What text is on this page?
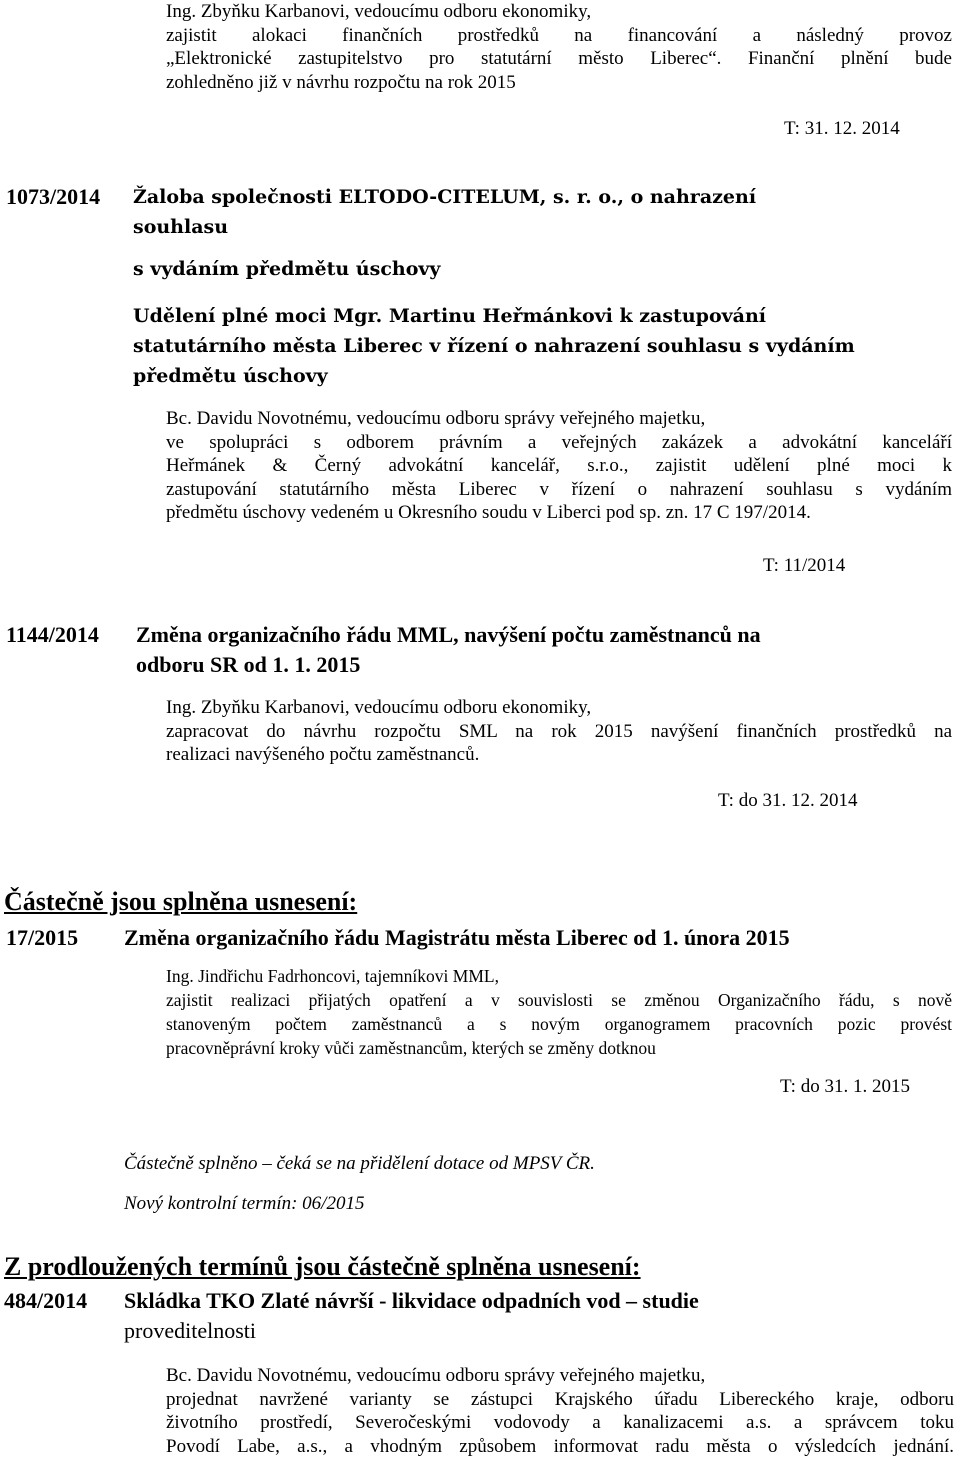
Ing. Zbyňku Karbanovi, vedoucímu odboru ekonomiky,
zajistit alokaci finančních prostředků na financování a následný provoz
„Elektronické zastupitelstvo pro statutární město Liberec“. Finanční plnění bude
zohledněno již v návrhu rozpočtu na rok 2015
T: 31. 12. 2014
1073/2014 Žaloba společnosti ELTODO-CITELUM, s. r. o., o nahrazení
souhlasu
s vydáním předmětu úschovy
Udělení plné moci Mgr. Martinu Heřmánkovi k zastupování
statutárního města Liberec v řízení o nahrazení souhlasu s vydáním
předmětu úschovy
Bc. Davidu Novotnému, vedoucímu odboru správy veřejného majetku,
ve spolupráci s odborem právním a veřejných zakázek a advokátní kanceláří
Heřmánek & Černý advokátní kancelář, s.r.o., zajistit udělení plné moci k
zastupování statutárního města Liberec v řízení o nahrazení souhlasu s vydáním
předmětu úschovy vedeném u Okresního soudu v Liberci pod sp. zn. 17 C 197/2014.
T: 11/2014
1144/2014 Změna organizačního řádu MML, navýšení počtu zaměstnanců na
odboru SR od 1. 1. 2015
Ing. Zbyňku Karbanovi, vedoucímu odboru ekonomiky,
zapracovat do návrhu rozpočtu SML na rok 2015 navýšení finančních prostředků na
realizaci navýšeného počtu zaměstnanců.
T: do 31. 12. 2014
Částečně jsou splněna usnesení:
17/2015 Změna organizačního řádu Magistrátu města Liberec od 1. února 2015
Ing. Jindřichu Fadrhoncovi, tajemníkovi MML,
zajistit realizaci přijatých opatření a v souvislosti se změnou Organizačního řádu, s nově
stanoveným počtem zaměstnanců a s novým organogramem pracovních pozic provést
pracovněprávní kroky vůči zaměstnancům, kterých se změny dotknou
T: do 31. 1. 2015
Částečně splněno – čeká se na přidělení dotace od MPSV ČR.
Nový kontrolní termín: 06/2015
Z prodloužených termínů jsou částečně splněna usnesení:
484/2014 Skládka TKO Zlaté návrší - likvidace odpadních vod – studie
proveditelnosti
Bc. Davidu Novotnému, vedoucímu odboru správy veřejného majetku,
projednat navržené varianty se zástupci Krajského úřadu Libereckého kraje, odboru
životního prostředí, Severočeskými vodovody a kanalizacemi a.s. a správcem toku
Povodí Labe, a.s., a vhodným způsobem informovat radu města o výsledcích jednání.
